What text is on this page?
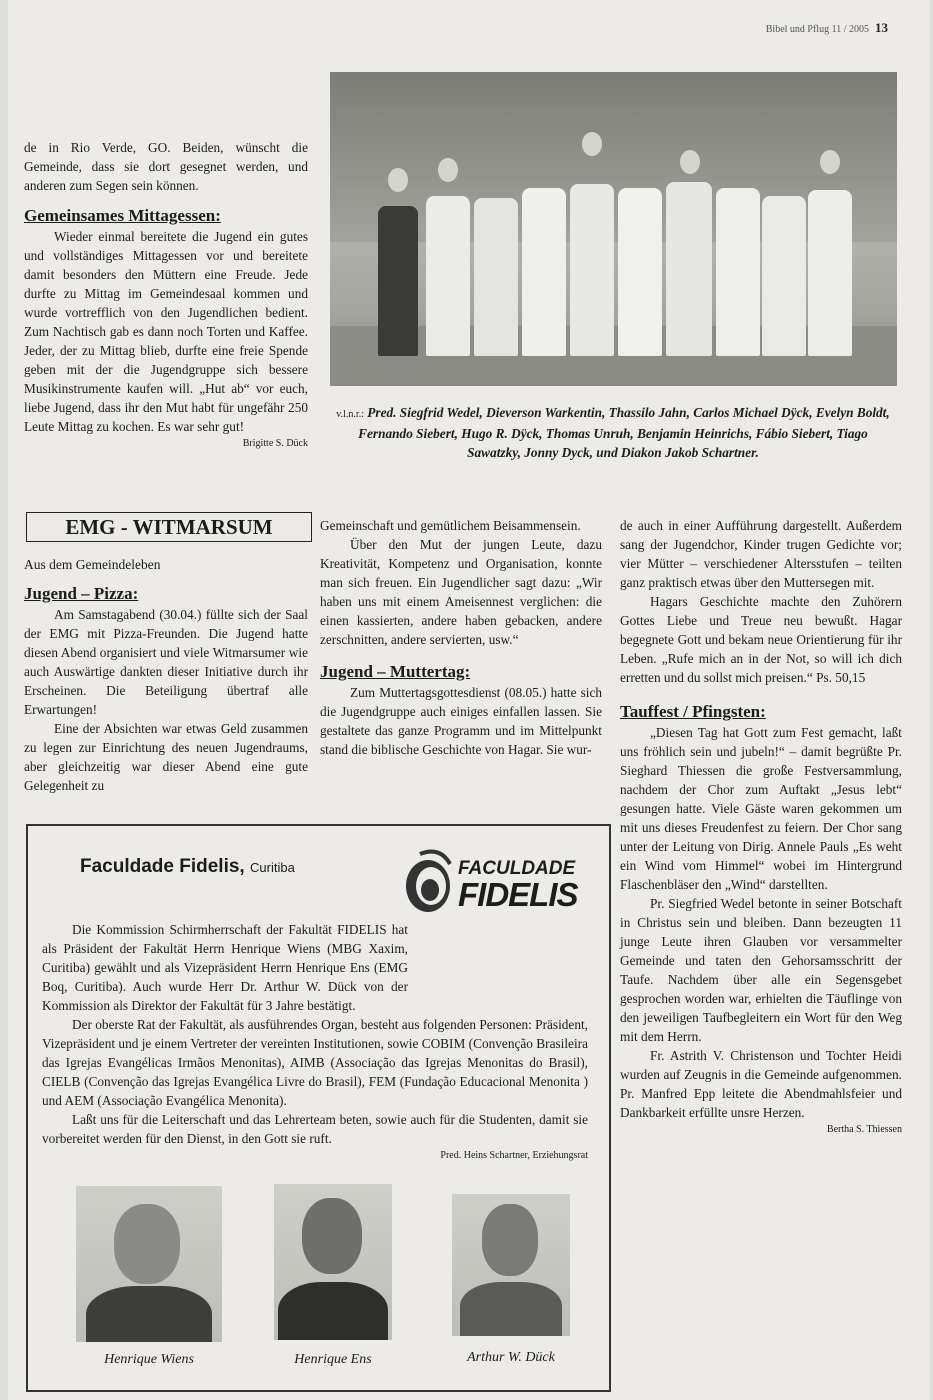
Bibel und Pflug 11 / 2005 13

de in Rio Verde, GO. Beiden, wünscht die Gemeinde, dass sie dort gesegnet werden, und anderen zum Segen sein können.

Gemeinsames Mittagessen:

Wieder einmal bereitete die Jugend ein gutes und vollständiges Mittagessen vor und bereitete damit besonders den Müttern eine Freude. Jede durfte zu Mittag im Gemeindesaal kommen und wurde vortrefflich von den Jugendlichen bedient. Zum Nachtisch gab es dann noch Torten und Kaffee. Jeder, der zu Mittag blieb, durfte eine freie Spende geben mit der die Jugendgruppe sich bessere Musikinstrumente kaufen will. „Hut ab“ vor euch, liebe Jugend, dass ihr den Mut habt für ungefähr 250 Leute Mittag zu kochen. Es war sehr gut!

Brigitte S. Dück
v.l.n.r.: Pred. Siegfrid Wedel, Dieverson Warkentin, Thassilo Jahn, Carlos Michael Dÿck, Evelyn Boldt, Fernando Siebert, Hugo R. Dÿck, Thomas Unruh, Benjamin Heinrichs, Fábio Siebert, Tiago Sawatzky, Jonny Dyck, und Diakon Jakob Schartner.
EMG - WITMARSUM

Aus dem Gemeindeleben

Jugend – Pizza:

Am Samstagabend (30.04.) füllte sich der Saal der EMG mit Pizza-Freunden. Die Jugend hatte diesen Abend organisiert und viele Witmarsumer wie auch Auswärtige dankten dieser Initiative durch ihr Erscheinen. Die Beteiligung übertraf alle Erwartungen!

Eine der Absichten war etwas Geld zusammen zu legen zur Einrichtung des neuen Jugendraums, aber gleichzeitig war dieser Abend eine gute Gelegenheit zu

Gemeinschaft und gemütlichem Beisammensein.

Über den Mut der jungen Leute, dazu Kreativität, Kompetenz und Organisation, konnte man sich freuen. Ein Jugendlicher sagt dazu: „Wir haben uns mit einem Ameisennest verglichen: die einen kassierten, andere haben gebacken, andere zerschnitten, andere servierten, usw.“

Jugend – Muttertag:

Zum Muttertagsgottesdienst (08.05.) hatte sich die Jugendgruppe auch einiges einfallen lassen. Sie gestaltete das ganze Programm und im Mittelpunkt stand die biblische Geschichte von Hagar. Sie wur-

de auch in einer Aufführung dargestellt. Außerdem sang der Jugendchor, Kinder trugen Gedichte vor; vier Mütter – verschiedener Altersstufen – teilten ganz praktisch etwas über den Muttersegen mit.

Hagars Geschichte machte den Zuhörern Gottes Liebe und Treue neu bewußt. Hagar begegnete Gott und bekam neue Orientierung für ihr Leben. „Rufe mich an in der Not, so will ich dich erretten und du sollst mich preisen.“ Ps. 50,15

Tauffest / Pfingsten:

„Diesen Tag hat Gott zum Fest gemacht, laßt uns fröhlich sein und jubeln!“ – damit begrüßte Pr. Sieghard Thiessen die große Festversammlung, nachdem der Chor zum Auftakt „Jesus lebt“ gesungen hatte. Viele Gäste waren gekommen um mit uns dieses Freudenfest zu feiern. Der Chor sang unter der Leitung von Dirig. Annele Pauls „Es weht ein Wind vom Himmel“ wobei im Hintergrund Flaschenbläser den „Wind“ darstellten.

Pr. Siegfried Wedel betonte in seiner Botschaft in Christus sein und bleiben. Dann bezeugten 11 junge Leute ihren Glauben vor versammelter Gemeinde und taten den Gehorsamsschritt der Taufe. Nachdem über alle ein Segensgebet gesprochen worden war, erhielten die Täuflinge von den jeweiligen Taufbegleitern ein Wort für den Weg mit dem Herrn.

Fr. Astrith V. Christenson und Tochter Heidi wurden auf Zeugnis in die Gemeinde aufgenommen. Pr. Manfred Epp leitete die Abendmahlsfeier und Dankbarkeit erfüllte unsre Herzen.

Bertha S. Thiessen
Faculdade Fidelis, Curitiba	FACULDADE
FIDELIS

Die Kommission Schirmherrschaft der Fakultät FIDELIS hat als Präsident der Fakultät Herrn Henrique Wiens (MBG Xaxim, Curitiba) gewählt und als Vizepräsident Herrn Henrique Ens (EMG Boq, Curitiba). Auch wurde Herr Dr. Arthur W. Dück von der Kommission als Direktor der Fakultät für 3 Jahre bestätigt.

Der oberste Rat der Fakultät, als ausführendes Organ, besteht aus folgenden Personen: Präsident, Vizepräsident und je einem Vertreter der vereinten Institutionen, sowie COBIM (Convenção Brasileira das Igrejas Evangélicas Irmãos Menonitas), AIMB (Associação das Igrejas Menonitas do Brasil), CIELB (Convenção das Igrejas Evangélica Livre do Brasil), FEM (Fundação Educacional Menonita ) und AEM (Associação Evangélica Menonita).

Laßt uns für die Leiterschaft und das Lehrerteam beten, sowie auch für die Studenten, damit sie vorbereitet werden für den Dienst, in den Gott sie ruft.

Pred. Heins Schartner, Erziehungsrat
Henrique Wiens	Henrique Ens	Arthur W. Dück
